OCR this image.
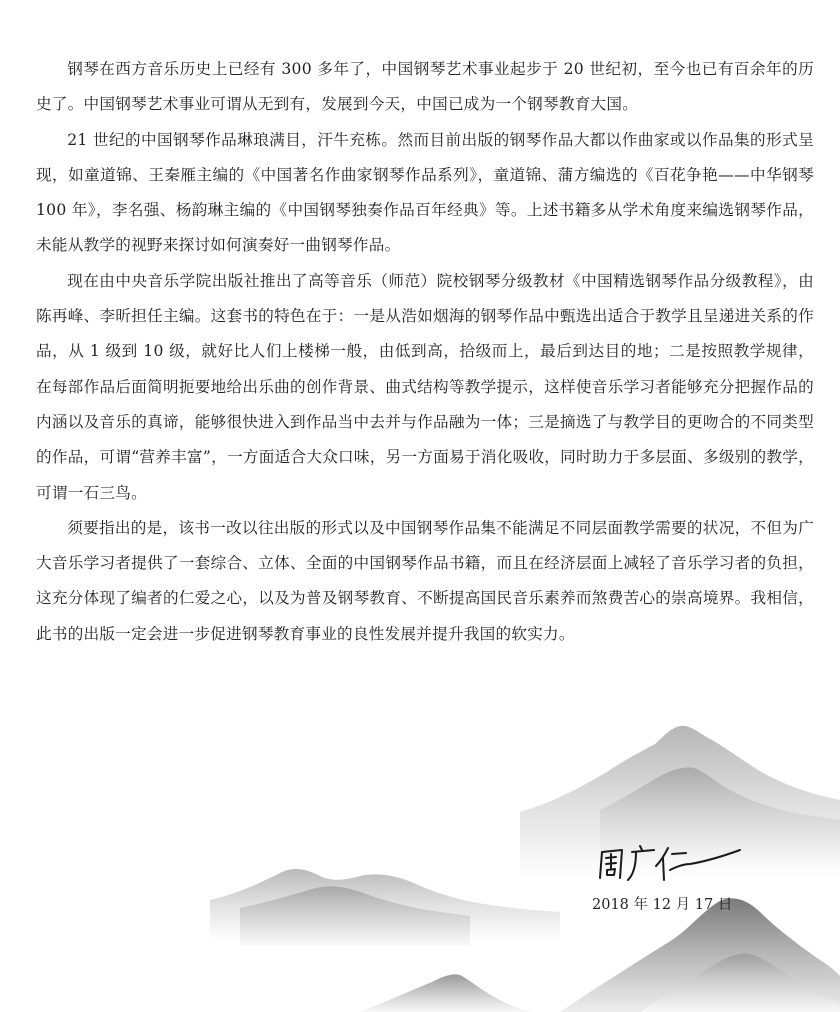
钢琴在西方音乐历史上已经有 300 多年了，中国钢琴艺术事业起步于 20 世纪初，至今也已有百余年的历史了。中国钢琴艺术事业可谓从无到有，发展到今天，中国已成为一个钢琴教育大国。

21 世纪的中国钢琴作品琳琅满目，汗牛充栋。然而目前出版的钢琴作品大都以作曲家或以作品集的形式呈现，如童道锦、王秦雁主编的《中国著名作曲家钢琴作品系列》，童道锦、蒲方编选的《百花争艳——中华钢琴 100 年》，李名强、杨韵琳主编的《中国钢琴独奏作品百年经典》等。上述书籍多从学术角度来编选钢琴作品，未能从教学的视野来探讨如何演奏好一曲钢琴作品。

现在由中央音乐学院出版社推出了高等音乐（师范）院校钢琴分级教材《中国精选钢琴作品分级教程》，由陈再峰、李昕担任主编。这套书的特色在于：一是从浩如烟海的钢琴作品中甄选出适合于教学且呈递进关系的作品，从 1 级到 10 级，就好比人们上楼梯一般，由低到高，拾级而上，最后到达目的地；二是按照教学规律，在每部作品后面简明扼要地给出乐曲的创作背景、曲式结构等教学提示，这样使音乐学习者能够充分把握作品的内涵以及音乐的真谛，能够很快进入到作品当中去并与作品融为一体；三是摘选了与教学目的更吻合的不同类型的作品，可谓“营养丰富”，一方面适合大众口味，另一方面易于消化吸收，同时助力于多层面、多级别的教学，可谓一石三鸟。

须要指出的是，该书一改以往出版的形式以及中国钢琴作品集不能满足不同层面教学需要的状况，不但为广大音乐学习者提供了一套综合、立体、全面的中国钢琴作品书籍，而且在经济层面上减轻了音乐学习者的负担，这充分体现了编者的仁爱之心，以及为普及钢琴教育、不断提高国民音乐素养而煞费苦心的崇高境界。我相信，此书的出版一定会进一步促进钢琴教育事业的良性发展并提升我国的软实力。

2018 年 12 月 17 日
